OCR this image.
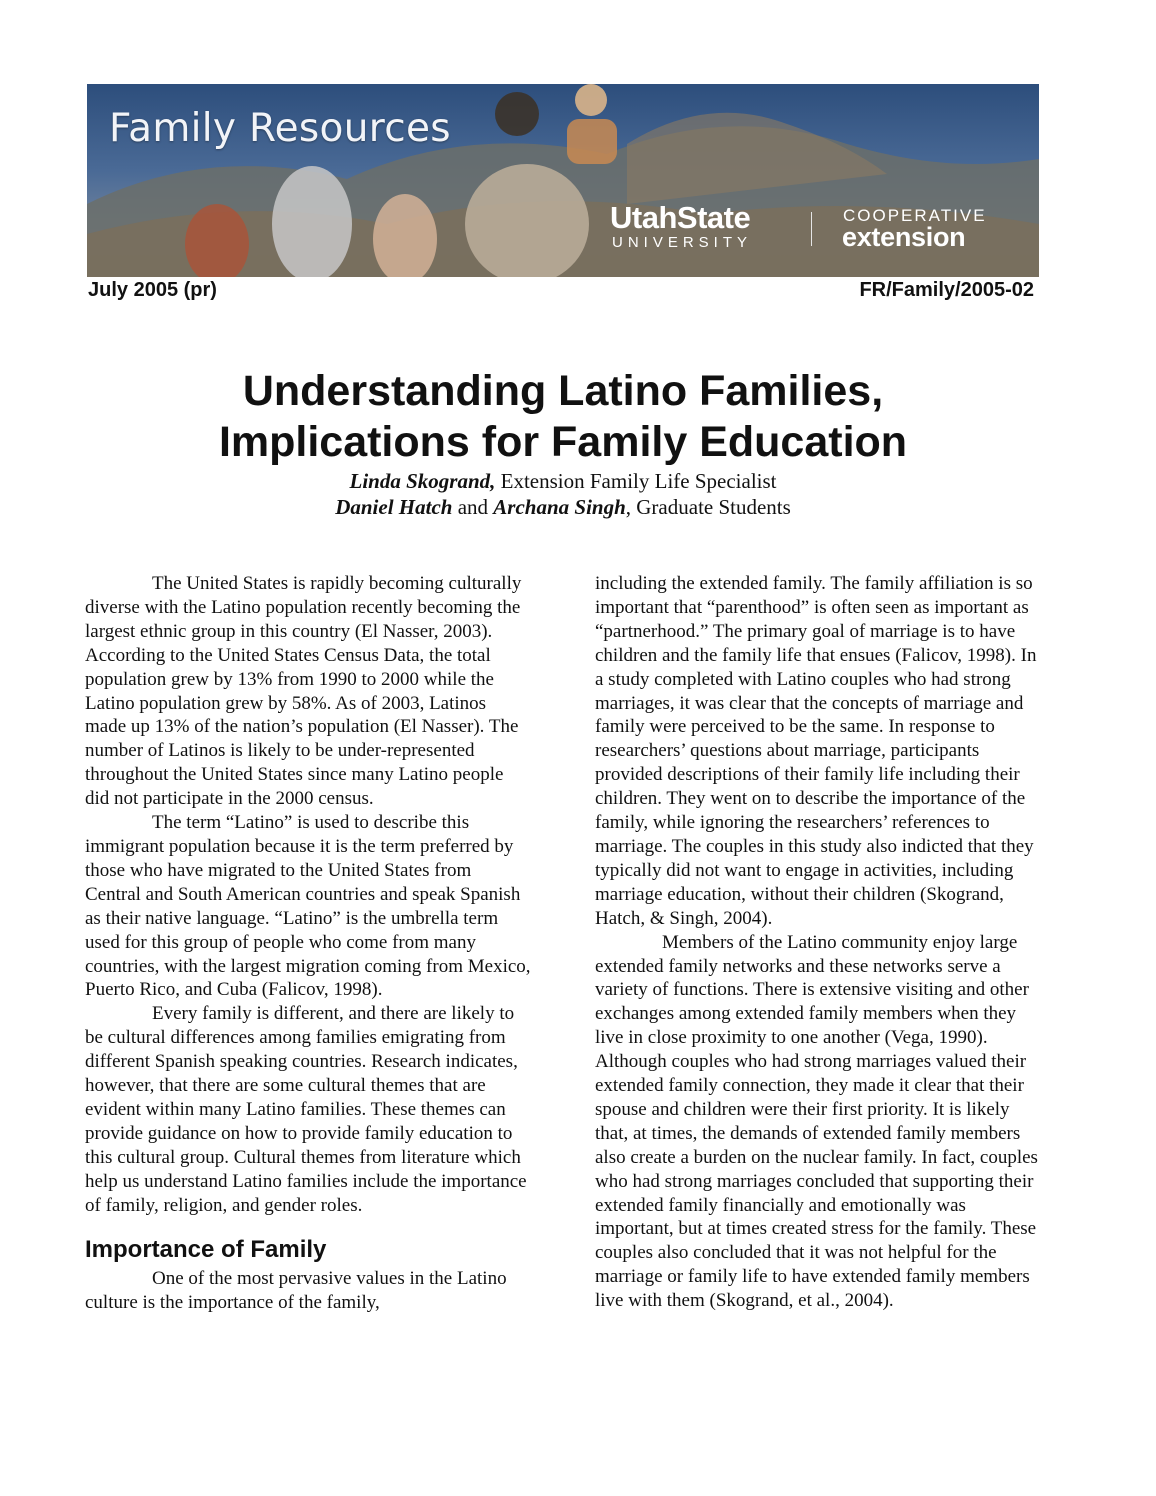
Family Resources
UtahState
UNIVERSITY
COOPERATIVE
extension
July 2005 (pr)	FR/Family/2005-02
Understanding Latino Families,
Implications for Family Education
Linda Skogrand, Extension Family Life Specialist
Daniel Hatch and Archana Singh, Graduate Students

The United States is rapidly becoming culturally diverse with the Latino population recently becoming the largest ethnic group in this country (El Nasser, 2003). According to the United States Census Data, the total population grew by 13% from 1990 to 2000 while the Latino population grew by 58%. As of 2003, Latinos made up 13% of the nation’s population (El Nasser). The number of Latinos is likely to be under-represented throughout the United States since many Latino people did not participate in the 2000 census.

The term “Latino” is used to describe this immigrant population because it is the term preferred by those who have migrated to the United States from Central and South American countries and speak Spanish as their native language. “Latino” is the umbrella term used for this group of people who come from many countries, with the largest migration coming from Mexico, Puerto Rico, and Cuba (Falicov, 1998).

Every family is different, and there are likely to be cultural differences among families emigrating from different Spanish speaking countries. Research indicates, however, that there are some cultural themes that are evident within many Latino families. These themes can provide guidance on how to provide family education to this cultural group. Cultural themes from literature which help us understand Latino families include the importance of family, religion, and gender roles.

Importance of Family

One of the most pervasive values in the Latino culture is the importance of the family,

including the extended family. The family affiliation is so important that “parenthood” is often seen as important as “partnerhood.” The primary goal of marriage is to have children and the family life that ensues (Falicov, 1998). In a study completed with Latino couples who had strong marriages, it was clear that the concepts of marriage and family were perceived to be the same. In response to researchers’ questions about marriage, participants provided descriptions of their family life including their children. They went on to describe the importance of the family, while ignoring the researchers’ references to marriage. The couples in this study also indicted that they typically did not want to engage in activities, including marriage education, without their children (Skogrand, Hatch, & Singh, 2004).

Members of the Latino community enjoy large extended family networks and these networks serve a variety of functions. There is extensive visiting and other exchanges among extended family members when they live in close proximity to one another (Vega, 1990). Although couples who had strong marriages valued their extended family connection, they made it clear that their spouse and children were their first priority. It is likely that, at times, the demands of extended family members also create a burden on the nuclear family. In fact, couples who had strong marriages concluded that supporting their extended family financially and emotionally was important, but at times created stress for the family. These couples also concluded that it was not helpful for the marriage or family life to have extended family members live with them (Skogrand, et al., 2004).
